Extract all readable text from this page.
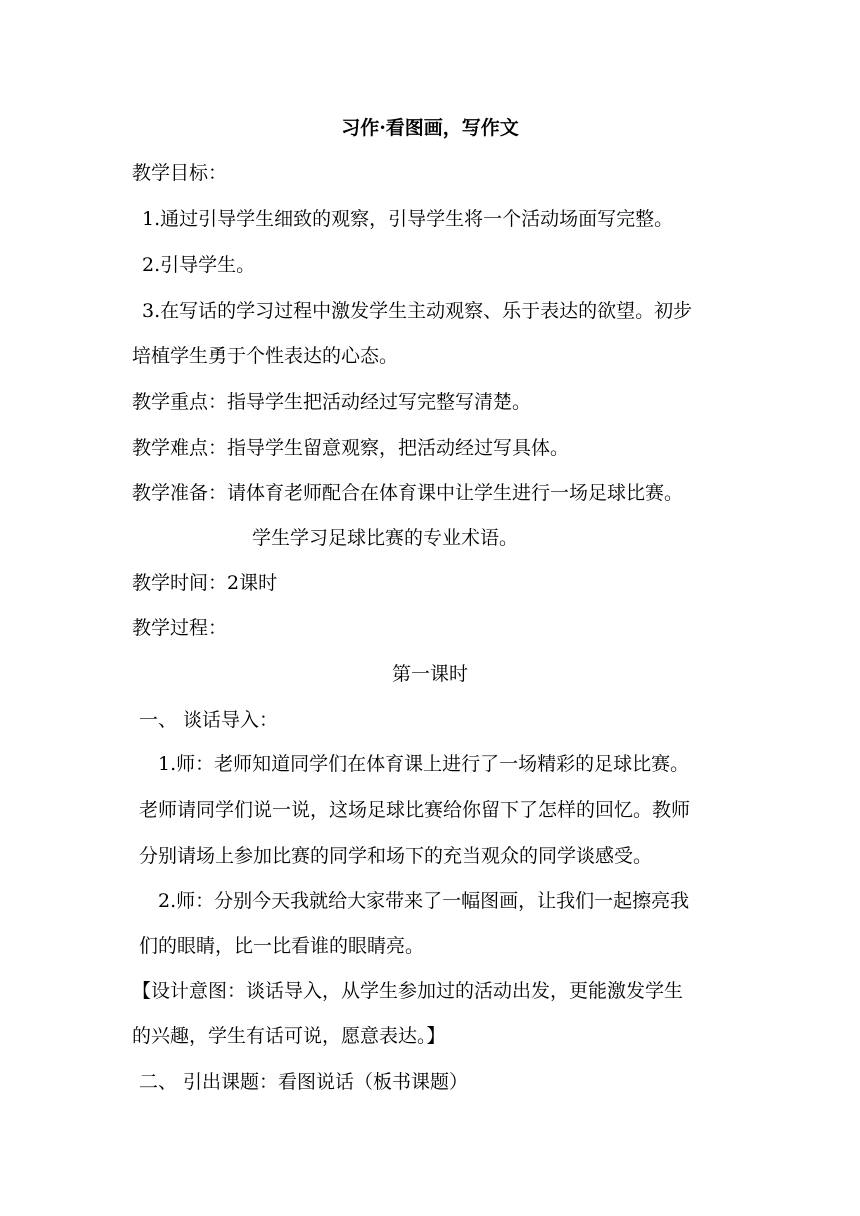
习作·看图画，写作文

教学目标：

1.通过引导学生细致的观察，引导学生将一个活动场面写完整。

2.引导学生。

3.在写话的学习过程中激发学生主动观察、乐于表达的欲望。初步

培植学生勇于个性表达的心态。

教学重点：指导学生把活动经过写完整写清楚。

教学难点：指导学生留意观察，把活动经过写具体。

教学准备：请体育老师配合在体育课中让学生进行一场足球比赛。

学生学习足球比赛的专业术语。

教学时间：2课时

教学过程：

第一课时

一、 谈话导入：

1.师：老师知道同学们在体育课上进行了一场精彩的足球比赛。

老师请同学们说一说，这场足球比赛给你留下了怎样的回忆。教师

分别请场上参加比赛的同学和场下的充当观众的同学谈感受。

2.师：分别今天我就给大家带来了一幅图画，让我们一起擦亮我

们的眼睛，比一比看谁的眼睛亮。

【设计意图：谈话导入，从学生参加过的活动出发，更能激发学生

的兴趣，学生有话可说，愿意表达。】

二、 引出课题：看图说话（板书课题）
